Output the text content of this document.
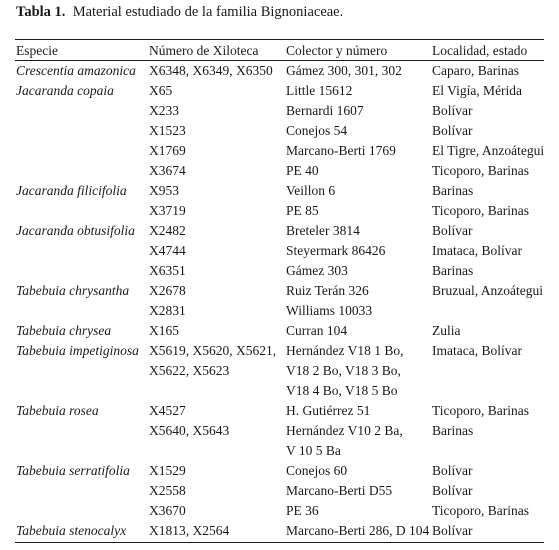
Tabla 1. Material estudiado de la familia Bignoniaceae.
Especie	Número de Xiloteca	Colector y número	Localidad, estado
Crescentia amazonica	X6348, X6349, X6350	Gámez 300, 301, 302	Caparo, Barinas
Jacaranda copaia	X65	Little 15612	El Vigía, Mérida
	X233	Bernardi 1607	Bolívar
	X1523	Conejos 54	Bolívar
	X1769	Marcano-Berti 1769	El Tigre, Anzoátegui
	X3674	PE 40	Ticoporo, Barinas
Jacaranda filicifolia	X953	Veillon 6	Barinas
	X3719	PE 85	Ticoporo, Barinas
Jacaranda obtusifolia	X2482	Breteler 3814	Bolívar
	X4744	Steyermark 86426	Imataca, Bolívar
	X6351	Gámez 303	Barinas
Tabebuia chrysantha	X2678	Ruiz Terán 326	Bruzual, Anzoátegui
	X2831	Williams 10033	
Tabebuia chrysea	X165	Curran 104	Zulia
Tabebuia impetiginosa	X5619, X5620, X5621,	Hernández V18 1 Bo,	Imataca, Bolívar
	X5622, X5623	V18 2 Bo, V18 3 Bo,	
		V18 4 Bo, V18 5 Bo	
Tabebuia rosea	X4527	H. Gutiérrez 51	Ticoporo, Barinas
	X5640, X5643	Hernández V10 2 Ba,	Barinas
		V 10 5 Ba	
Tabebuia serratifolia	X1529	Conejos 60	Bolívar
	X2558	Marcano-Berti D55	Bolívar
	X3670	PE 36	Ticoporo, Barinas
Tabebuia stenocalyx	X1813, X2564	Marcano-Berti 286, D 104	Bolívar
